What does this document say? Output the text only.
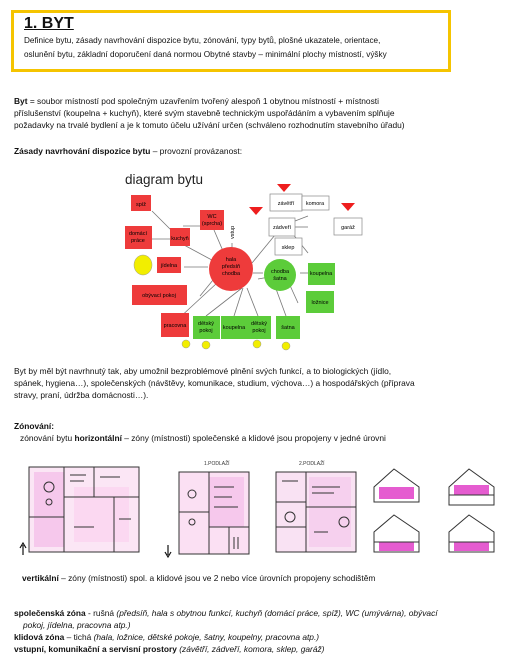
1. BYT
Definice bytu, zásady navrhování dispozice bytu, zónování, typy bytů, plošné ukazatele, orientace,
oslunění bytu, základní doporučení daná normou Obytné stavby – minimální plochy místností, výšky
Byt = soubor místností pod společným uzavřením tvořený alespoň 1 obytnou místností + místnosti
příslušenství (koupelna + kuchyň), které svým stavebně technickým uspořádáním a vybavením splňuje
požadavky na trvalé bydlení a je k tomuto účelu užívání určen (schváleno rozhodnutím stavebního úřadu)
Zásady navrhování dispozice bytu – provozní provázanost:
diagram bytu
spíž
domácí práce	kuchyň
WC (sprcha)
jídelna
obývací pokoj
pracovna
hala předsíň chodba
vstup
závětří komora
zádveří	garáž
sklep
chodba šatna
koupelna
ložnice
dětský pokoj koupelna
dětský pokoj	šatna
Byt by měl být navrhnutý tak, aby umožnil bezproblémové plnění svých funkcí, a to biologických (jídlo,
spánek, hygiena…), společenských (návštěvy, komunikace, studium, výchova…) a hospodářských (příprava
stravy, praní, údržba domácnosti…).
Zónování:
zónování bytu horizontální – zóny (místnosti) společenské a klidové jsou propojeny v jedné úrovni
1.PODLAŽÍ	2.PODLAŽÍ
vertikální – zóny (místnosti) spol. a klidové jsou ve 2 nebo více úrovních propojeny schodištěm
společenská zóna - rušná (předsíň, hala s obytnou funkcí, kuchyň (domácí práce, spíž), WC (umývárna), obývací
pokoj, jídelna, pracovna atp.)
klidová zóna – tichá (hala, ložnice, dětské pokoje, šatny, koupelny, pracovna atp.)
vstupní, komunikační a servisní prostory (závětří, zádveří, komora, sklep, garáž)
